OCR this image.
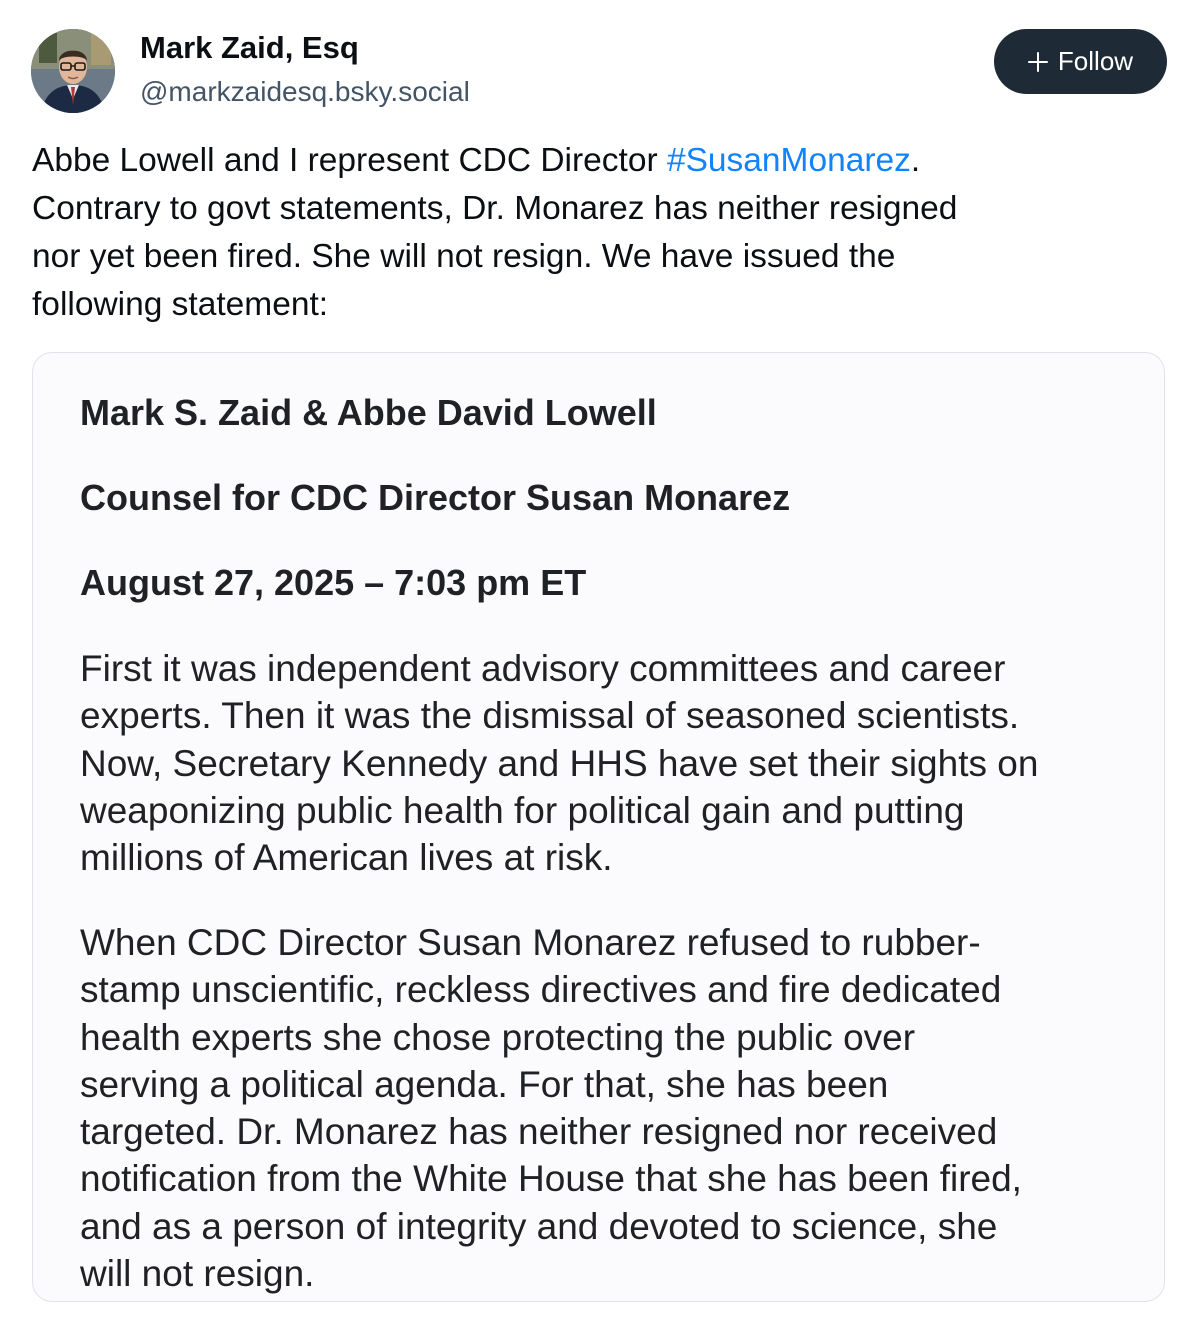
Mark Zaid, Esq
@markzaidesq.bsky.social
Follow
Abbe Lowell and I represent CDC Director #SusanMonarez.
Contrary to govt statements, Dr. Monarez has neither resigned
nor yet been fired. She will not resign. We have issued the
following statement:
Mark S. Zaid & Abbe David Lowell
Counsel for CDC Director Susan Monarez
August 27, 2025 – 7:03 pm ET
First it was independent advisory committees and career
experts. Then it was the dismissal of seasoned scientists.
Now, Secretary Kennedy and HHS have set their sights on
weaponizing public health for political gain and putting
millions of American lives at risk.
When CDC Director Susan Monarez refused to rubber-
stamp unscientific, reckless directives and fire dedicated
health experts she chose protecting the public over
serving a political agenda. For that, she has been
targeted. Dr. Monarez has neither resigned nor received
notification from the White House that she has been fired,
and as a person of integrity and devoted to science, she
will not resign.
